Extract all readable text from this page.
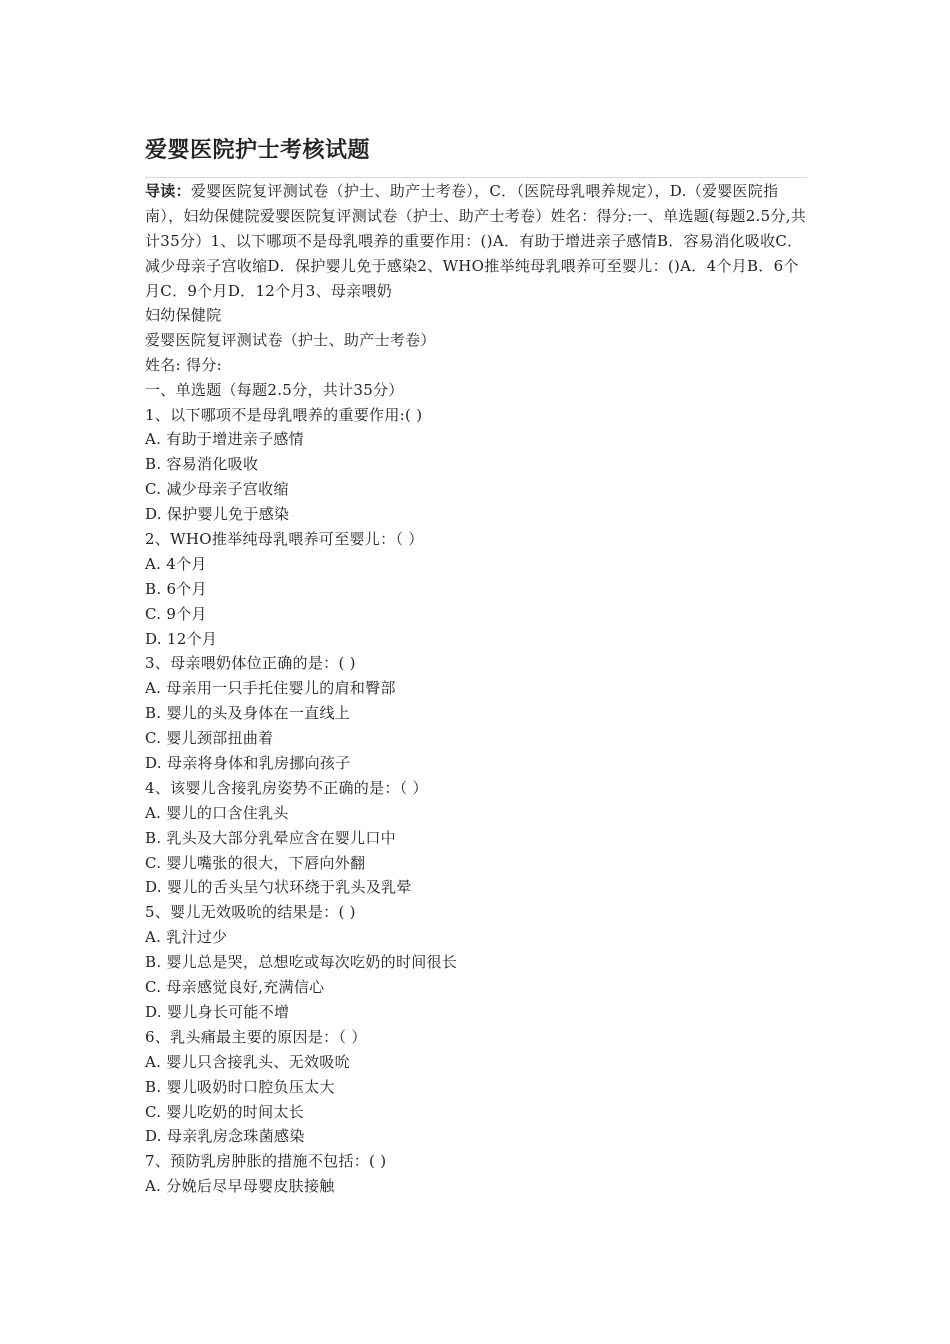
爱婴医院护士考核试题

导读：爱婴医院复评测试卷（护士、助产士考卷），C．（医院母乳喂养规定），D.（爱婴医院指南），妇幼保健院爱婴医院复评测试卷（护士、助产士考卷）姓名：得分:一、单选题(每题2.5分,共计35分）1、以下哪项不是母乳喂养的重要作用：()A．有助于增进亲子感情B．容易消化吸收C．减少母亲子宫收缩D．保护婴儿免于感染2、WHO推举纯母乳喂养可至婴儿：()A．4个月B．6个月C．9个月D．12个月3、母亲喂奶

妇幼保健院
爱婴医院复评测试卷（护士、助产士考卷）
姓名: 得分:
一、单选题（每题2.5分，共计35分）
1、以下哪项不是母乳喂养的重要作用:( )
A. 有助于增进亲子感情
B. 容易消化吸收
C. 减少母亲子宫收缩
D. 保护婴儿免于感染
2、WHO推举纯母乳喂养可至婴儿：（ ）
A. 4个月
B. 6个月
C. 9个月
D. 12个月
3、母亲喂奶体位正确的是：( )
A. 母亲用一只手托住婴儿的肩和臀部
B. 婴儿的头及身体在一直线上
C. 婴儿颈部扭曲着
D. 母亲将身体和乳房挪向孩子
4、该婴儿含接乳房姿势不正确的是：（ ）
A. 婴儿的口含住乳头
B. 乳头及大部分乳晕应含在婴儿口中
C. 婴儿嘴张的很大，下唇向外翻
D. 婴儿的舌头呈勺状环绕于乳头及乳晕
5、婴儿无效吸吮的结果是：( )
A. 乳汁过少
B. 婴儿总是哭，总想吃或每次吃奶的时间很长
C. 母亲感觉良好,充满信心
D. 婴儿身长可能不增
6、乳头痛最主要的原因是：（ ）
A. 婴儿只含接乳头、无效吸吮
B. 婴儿吸奶时口腔负压太大
C. 婴儿吃奶的时间太长
D. 母亲乳房念珠菌感染
7、预防乳房肿胀的措施不包括：( )
A. 分娩后尽早母婴皮肤接触
